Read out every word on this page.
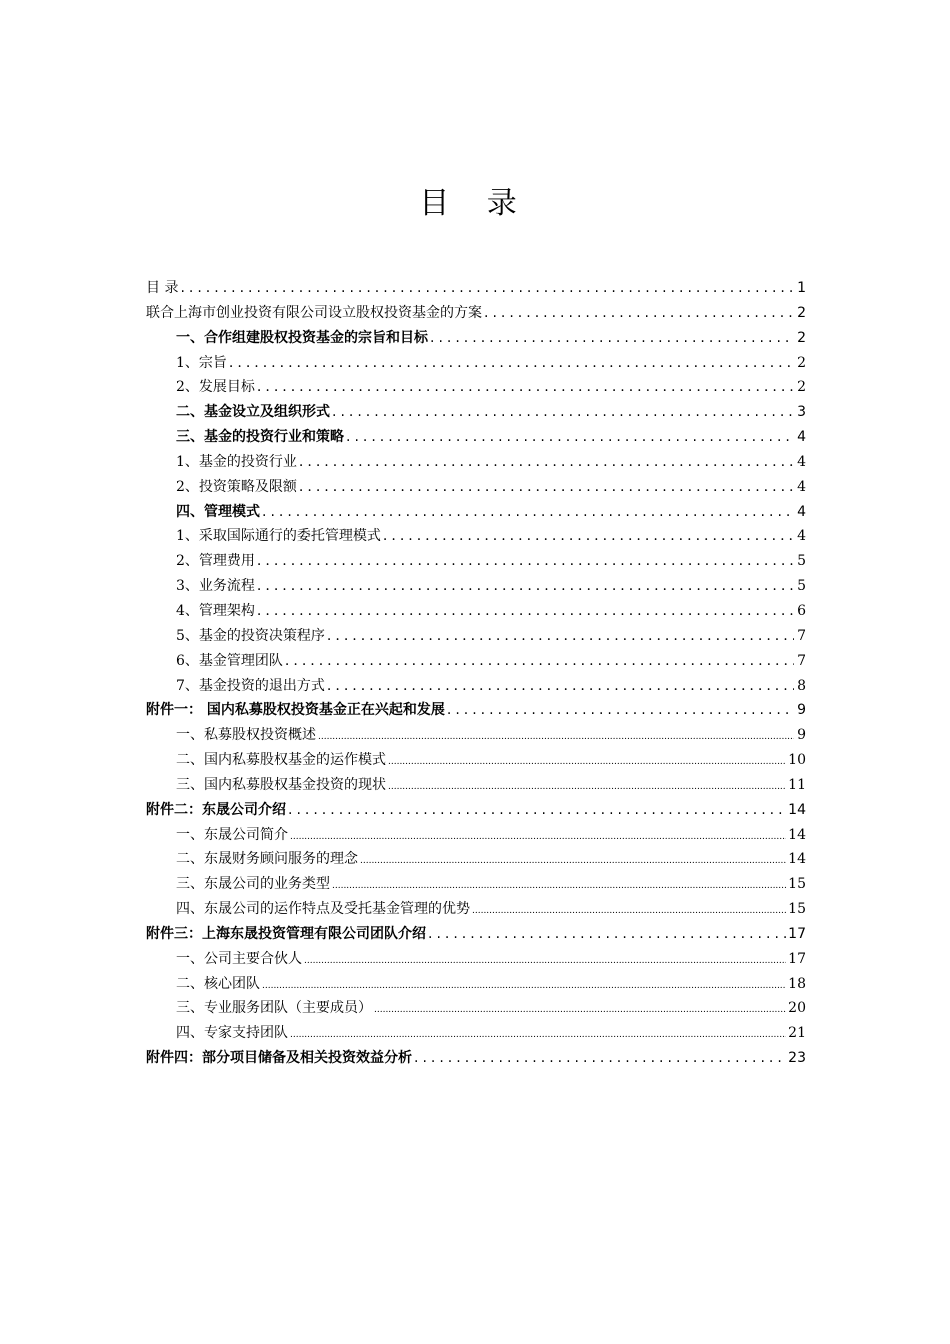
目 录
目 录 .....	1
联合上海市创业投资有限公司设立股权投资基金的方案 .....	2
一、合作组建股权投资基金的宗旨和目标 .....	2
1、宗旨 .....	2
2、发展目标 .....	2
二、基金设立及组织形式 .....	3
三、基金的投资行业和策略 .....	4
1、基金的投资行业 .....	4
2、投资策略及限额 .....	4
四、管理模式 .....	4
1、采取国际通行的委托管理模式 .....	4
2、管理费用 .....	5
3、业务流程 .....	5
4、管理架构 .....	6
5、基金的投资决策程序 .....	7
6、基金管理团队 .....	7
7、基金投资的退出方式 .....	8
附件一： 国内私募股权投资基金正在兴起和发展 .....	9
一、私募股权投资概述 .....	9
二、国内私募股权基金的运作模式 .....	10
三、国内私募股权基金投资的现状 .....	11
附件二：东晟公司介绍 .....	14
一、东晟公司简介 .....	14
二、东晟财务顾问服务的理念 .....	14
三、东晟公司的业务类型 .....	15
四、东晟公司的运作特点及受托基金管理的优势 .....	15
附件三：上海东晟投资管理有限公司团队介绍 .....	17
一、公司主要合伙人 .....	17
二、核心团队 .....	18
三、专业服务团队（主要成员） .....	20
四、专家支持团队 .....	21
附件四：部分项目储备及相关投资效益分析 .....	23
